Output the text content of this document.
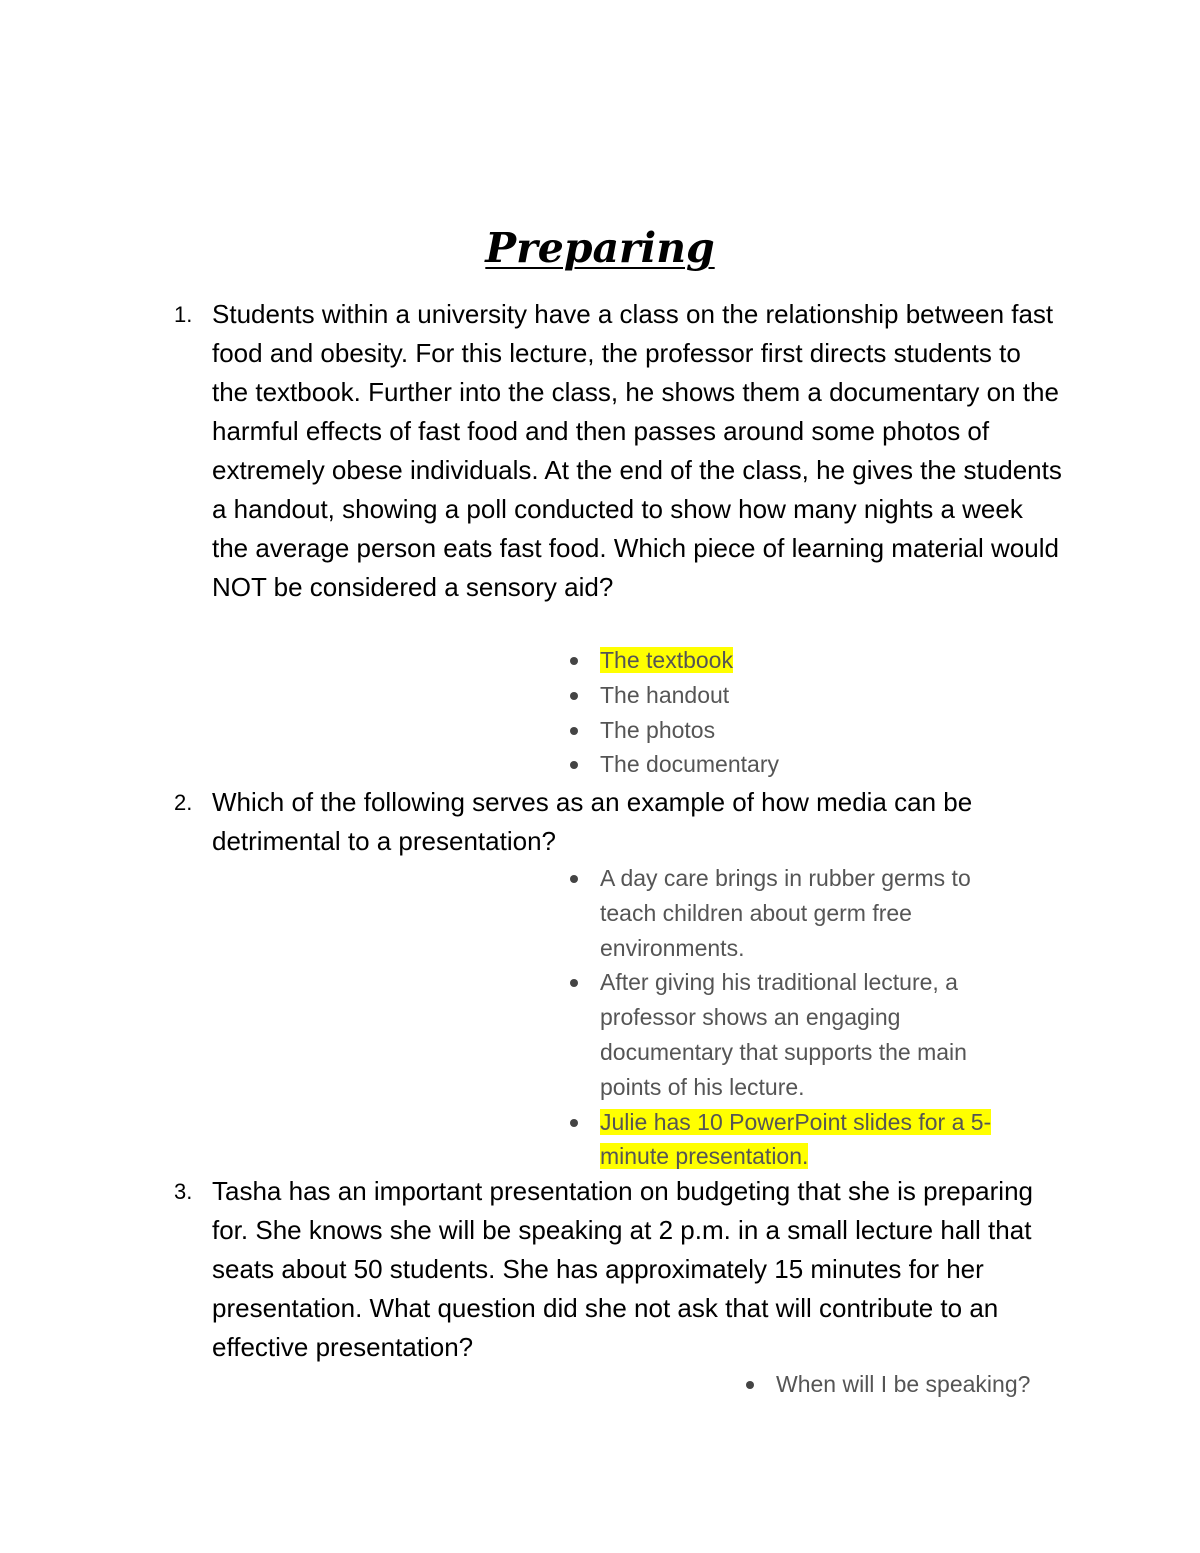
Preparing
1. Students within a university have a class on the relationship between fast food and obesity. For this lecture, the professor first directs students to the textbook. Further into the class, he shows them a documentary on the harmful effects of fast food and then passes around some photos of extremely obese individuals. At the end of the class, he gives the students a handout, showing a poll conducted to show how many nights a week the average person eats fast food. Which piece of learning material would NOT be considered a sensory aid?
The textbook
The handout
The photos
The documentary
2. Which of the following serves as an example of how media can be detrimental to a presentation?
A day care brings in rubber germs to teach children about germ free environments.
After giving his traditional lecture, a professor shows an engaging documentary that supports the main points of his lecture.
Julie has 10 PowerPoint slides for a 5-minute presentation.
3. Tasha has an important presentation on budgeting that she is preparing for. She knows she will be speaking at 2 p.m. in a small lecture hall that seats about 50 students. She has approximately 15 minutes for her presentation. What question did she not ask that will contribute to an effective presentation?
When will I be speaking?
